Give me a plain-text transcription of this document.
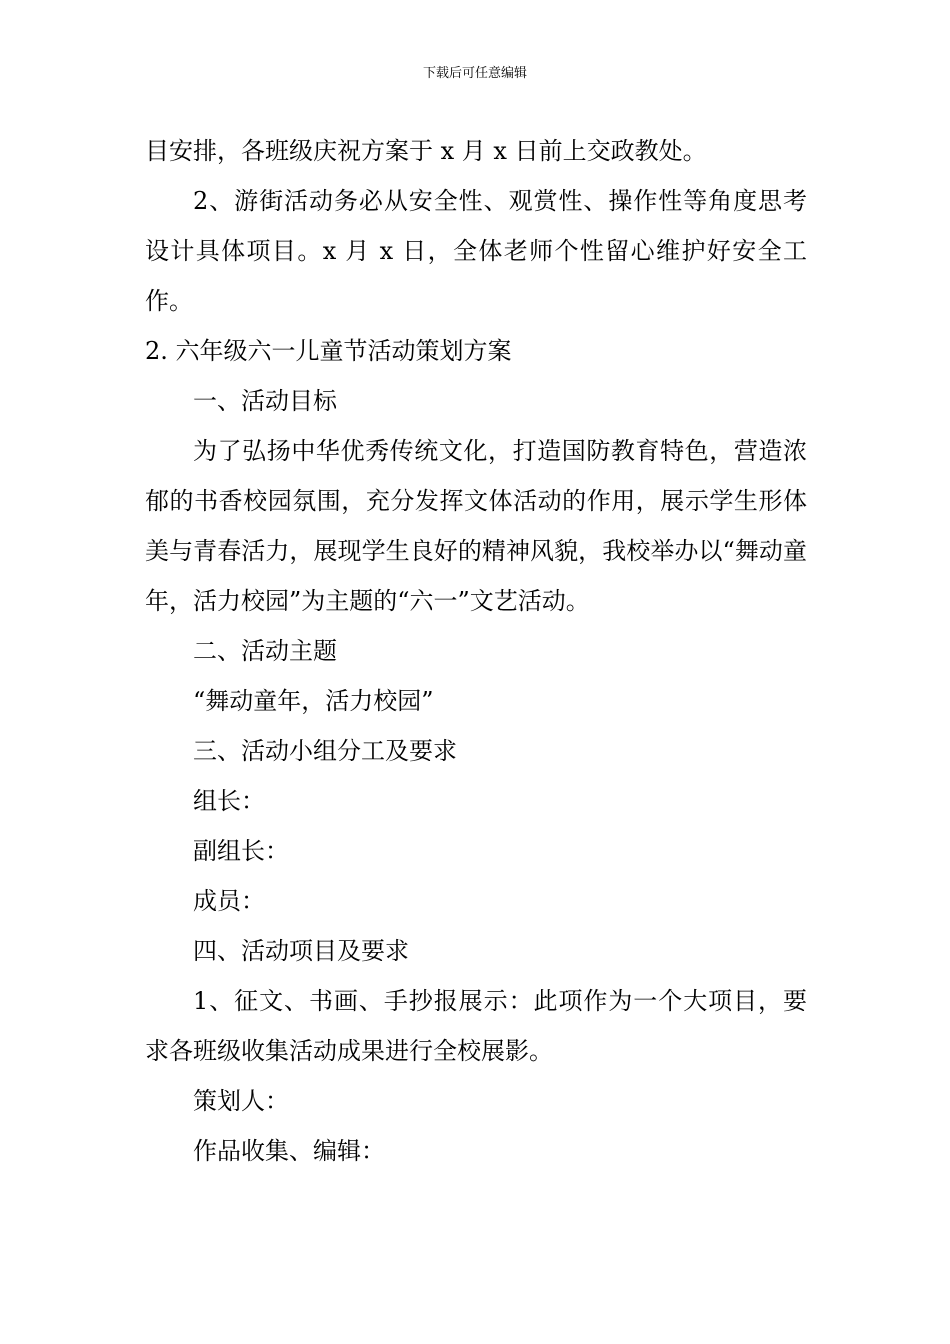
下载后可任意编辑

目安排，各班级庆祝方案于 x 月 x 日前上交政教处。

2、游街活动务必从安全性、观赏性、操作性等角度思考设计具体项目。x 月 x 日，全体老师个性留心维护好安全工作。

2. 六年级六一儿童节活动策划方案

一、活动目标

为了弘扬中华优秀传统文化，打造国防教育特色，营造浓郁的书香校园氛围，充分发挥文体活动的作用，展示学生形体美与青春活力，展现学生良好的精神风貌，我校举办以“舞动童年，活力校园”为主题的“六一”文艺活动。

二、活动主题

“舞动童年，活力校园”

三、活动小组分工及要求

组长：

副组长：

成员：

四、活动项目及要求

1、征文、书画、手抄报展示：此项作为一个大项目，要求各班级收集活动成果进行全校展影。

策划人：

作品收集、编辑：
